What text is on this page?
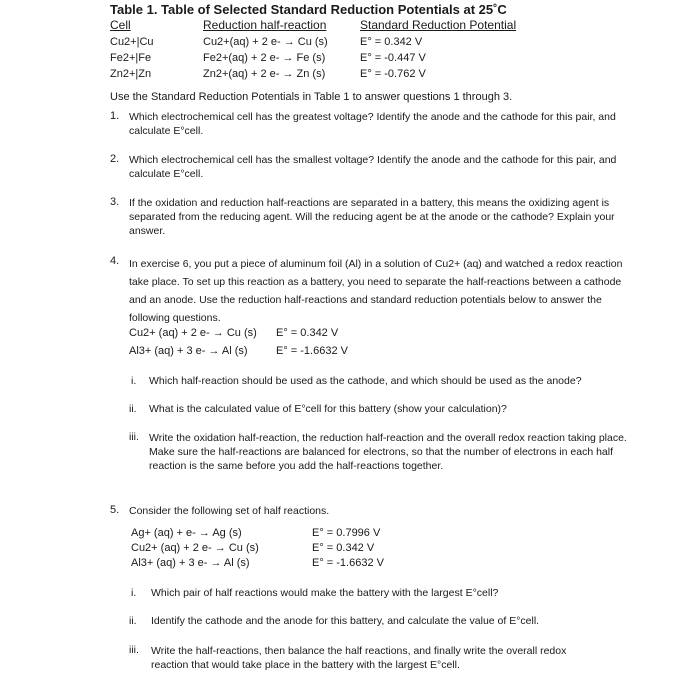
Table 1. Table of Selected Standard Reduction Potentials at 25˚C
Cell	Reduction half-reaction	Standard Reduction Potential
Cu2+|Cu	Cu2+(aq) + 2 e- → Cu (s)	E° = 0.342 V
Fe2+|Fe	Fe2+(aq) + 2 e- → Fe (s)	E° = -0.447 V
Zn2+|Zn	Zn2+(aq) + 2 e- → Zn (s)	E° = -0.762 V
Use the Standard Reduction Potentials in Table 1 to answer questions 1 through 3.
1. Which electrochemical cell has the greatest voltage? Identify the anode and the cathode for this pair, and calculate E°cell.
2. Which electrochemical cell has the smallest voltage? Identify the anode and the cathode for this pair, and calculate E°cell.
3. If the oxidation and reduction half-reactions are separated in a battery, this means the oxidizing agent is separated from the reducing agent. Will the reducing agent be at the anode or the cathode? Explain your answer.
4. In exercise 6, you put a piece of aluminum foil (Al) in a solution of Cu2+ (aq) and watched a redox reaction take place. To set up this reaction as a battery, you need to separate the half-reactions between a cathode and an anode. Use the reduction half-reactions and standard reduction potentials below to answer the following questions.
Cu2+ (aq) + 2 e- → Cu (s) E° = 0.342 V
Al3+ (aq) + 3 e- → Al (s)	E° = -1.6632 V
i. Which half-reaction should be used as the cathode, and which should be used as the anode?
ii. What is the calculated value of E°cell for this battery (show your calculation)?
iii. Write the oxidation half-reaction, the reduction half-reaction and the overall redox reaction taking place. Make sure the half-reactions are balanced for electrons, so that the number of electrons in each half reaction is the same before you add the half-reactions together.
5. Consider the following set of half reactions.
Ag+ (aq) + e- → Ag (s)	E° = 0.7996 V
Cu2+ (aq) + 2 e- → Cu (s)	E° = 0.342 V
Al3+ (aq) + 3 e- → Al (s)	E° = -1.6632 V
i. Which pair of half reactions would make the battery with the largest E°cell?
ii. Identify the cathode and the anode for this battery, and calculate the value of E°cell.
iii. Write the half-reactions, then balance the half reactions, and finally write the overall redox reaction that would take place in the battery with the largest E°cell.
